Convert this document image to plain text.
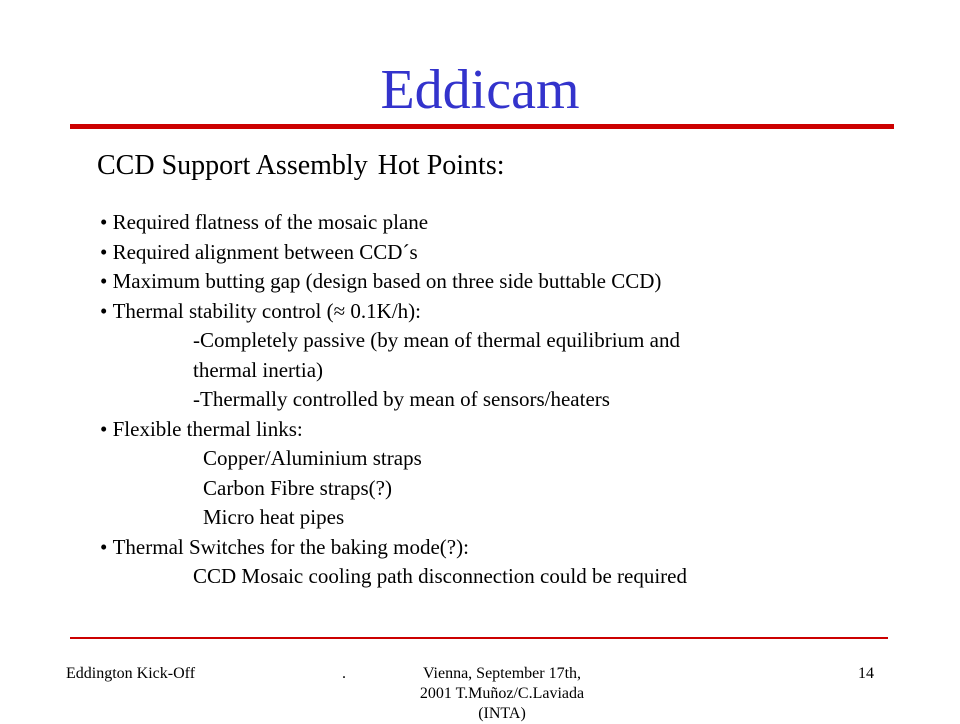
Eddicam
CCD Support Assembly Hot Points:
• Required flatness of the mosaic plane
• Required alignment between CCD´s
• Maximum butting gap (design based on three side buttable CCD)
• Thermal stability control (≈ 0.1K/h):
-Completely passive (by mean of thermal equilibrium and
thermal inertia)
-Thermally controlled by mean of sensors/heaters
• Flexible thermal links:
Copper/Aluminium straps
Carbon Fibre straps(?)
Micro heat pipes
• Thermal Switches for the baking mode(?):
CCD Mosaic cooling path disconnection could be required
Eddington Kick-Off	.	Vienna, September 17th,
2001 T.Muñoz/C.Laviada
(INTA)
14
